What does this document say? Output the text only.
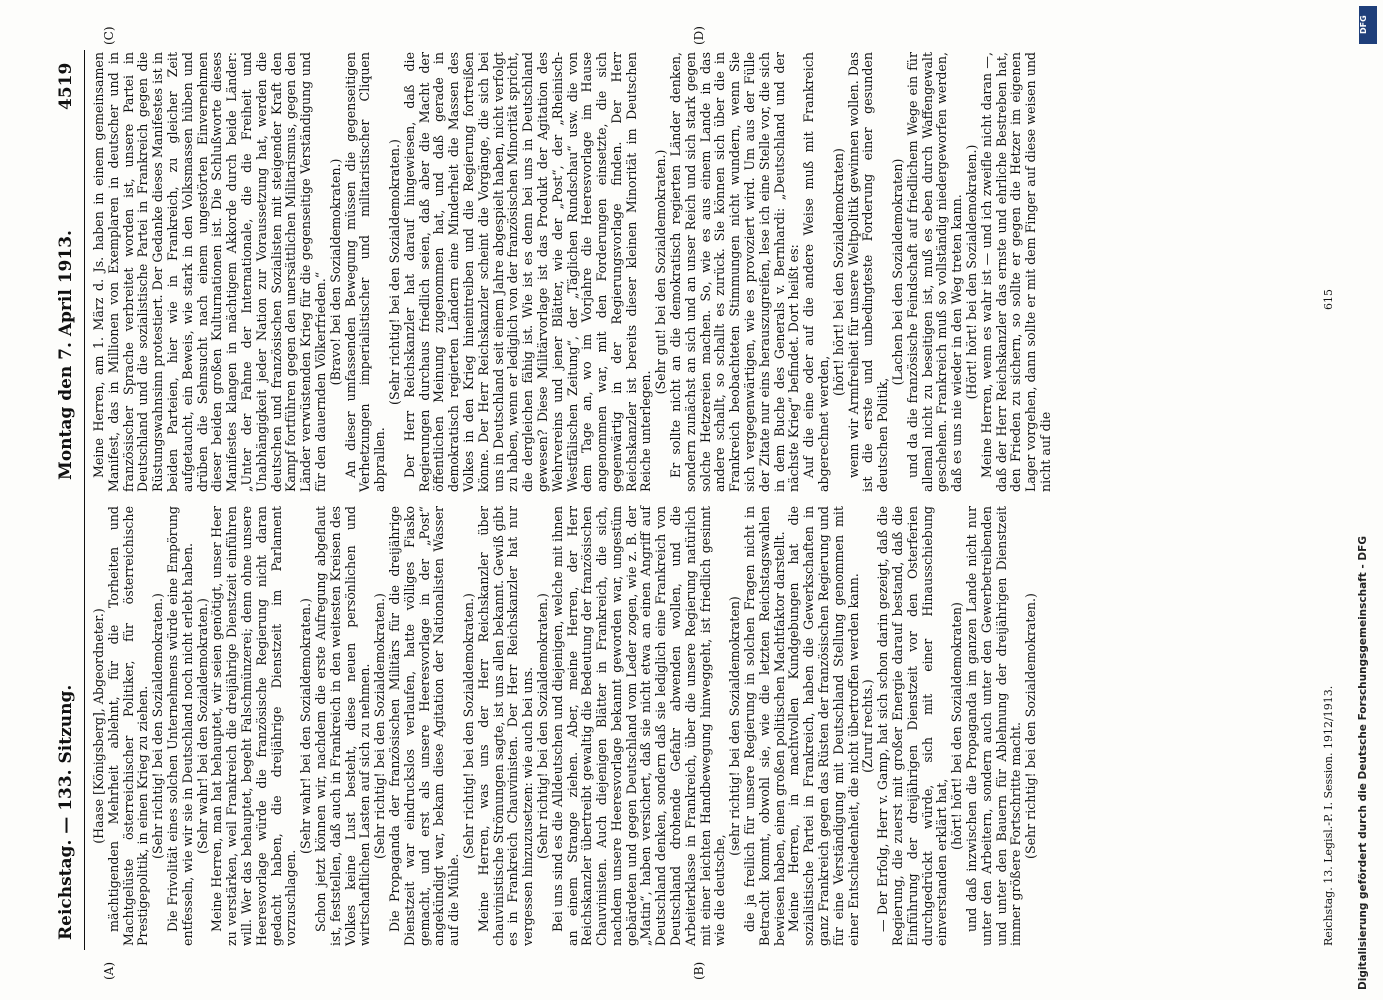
Reichstag. — 133. Sitzung.
Montag den 7. April 1913.
4519
(A)	(B)
(C)	(D)

(Haase [Königsberg], Abgeordneter.) mächtigenden Mehrheit ablehnt, für die Torheiten und Machtgelüste österreichischer Politiker, für österreichische Prestigepolitik, in einen Krieg zu ziehen. (Sehr richtig! bei den Sozialdemokraten.) Die Frivolität eines solchen Unternehmens würde eine Empörung entfesseln, wie wir sie in Deutschland noch nicht erlebt haben. (Sehr wahr! bei den Sozialdemokraten.) Meine Herren, man hat behauptet, wir seien genötigt, unser Heer zu verstärken, weil Frankreich die dreijährige Dienstzeit einführen will. Wer das behauptet, begeht Falschmünzerei; denn ohne unsere Heeresvorlage würde die französische Regierung nicht daran gedacht haben, die dreijährige Dienstzeit im Parlament vorzuschlagen.

(Sehr wahr! bei den Sozialdemokraten.) Schon jetzt können wir, nachdem die erste Aufregung abgeflaut ist, feststellen, daß auch in Frankreich in den weitesten Kreisen des Volkes keine Lust besteht, diese neuen persönlichen und wirtschaftlichen Lasten auf sich zu nehmen. (Sehr richtig! bei den Sozialdemokraten.) Die Propaganda der französischen Militärs für die dreijährige Dienstzeit war eindruckslos verlaufen, hatte völliges Fiasko gemacht, und erst als unsere Heeresvorlage in der „Post“ angekündigt war, bekam diese Agitation der Nationalisten Wasser auf die Mühle.

(Sehr richtig! bei den Sozialdemokraten.) Meine Herren, was uns der Herr Reichskanzler über chauvinistische Strömungen sagte, ist uns allen bekannt. Gewiß gibt es in Frankreich Chauvinisten. Der Herr Reichskanzler hat nur vergessen hinzuzusetzen: wie auch bei uns. (Sehr richtig! bei den Sozialdemokraten.) Bei uns sind es die Alldeutschen und diejenigen, welche mit ihnen an einem Strange ziehen. Aber, meine Herren, der Herr Reichskanzler übertreibt gewaltig die Bedeutung der französischen Chauvinisten. Auch diejenigen Blätter in Frankreich, die sich, nachdem unsere Heeresvorlage bekannt geworden war, ungestüm gebärdeten und gegen Deutschland vom Leder zogen, wie z. B. der „Matin“, haben versichert, daß sie nicht etwa an einen Angriff auf Deutschland denken, sondern daß sie lediglich eine Frankreich von Deutschland drohende Gefahr abwenden wollen, und die Arbeiterklasse in Frankreich, über die unsere Regierung natürlich mit einer leichten Handbewegung hinweggeht, ist friedlich gesinnt wie die deutsche,

(sehr richtig! bei den Sozialdemokraten) die ja freilich für unsere Regierung in solchen Fragen nicht in Betracht kommt, obwohl sie, wie die letzten Reichstagswahlen bewiesen haben, einen großen politischen Machtfaktor darstellt. Meine Herren, in machtvollen Kundgebungen hat die sozialistische Partei in Frankreich, haben die Gewerkschaften in ganz Frankreich gegen das Rüsten der französischen Regierung und für eine Verständigung mit Deutschland Stellung genommen mit einer Entschiedenheit, die nicht übertroffen werden kann. (Zuruf rechts.) — Der Erfolg, Herr v. Gamp, hat sich schon darin gezeigt, daß die Regierung, die zuerst mit großer Energie darauf bestand, daß die Einführung der dreijährigen Dienstzeit vor den Osterferien durchgedrückt würde, sich mit einer Hinausschiebung einverstanden erklärt hat,

(hört! hört! bei den Sozialdemokraten) und daß inzwischen die Propaganda im ganzen Lande nicht nur unter den Arbeitern, sondern auch unter den Gewerbetreibenden und unter den Bauern für Ablehnung der dreijährigen Dienstzeit immer größere Fortschritte macht. (Sehr richtig! bei den Sozialdemokraten.)

Meine Herren, am 1. März d. Js. haben in einem gemeinsamen Manifest, das in Millionen von Exemplaren in deutscher und in französischer Sprache verbreitet worden ist, unsere Partei in Deutschland und die sozialistische Partei in Frankreich gegen die Rüstungswahnsinn protestiert. Der Gedanke dieses Manifestes ist in beiden Parteien, hier wie in Frankreich, zu gleicher Zeit aufgetaucht, ein Beweis, wie stark in den Volksmassen hüben und drüben die Sehnsucht nach einem ungestörten Einvernehmen dieser beiden großen Kulturnationen ist. Die Schlußworte dieses Manifestes klangen in mächtigem Akkorde durch beide Länder: „Unter der Fahne der Internationale, die die Freiheit und Unabhängigkeit jeder Nation zur Voraussetzung hat, werden die deutschen und französischen Sozialisten mit steigender Kraft den Kampf fortführen gegen den unersättlichen Militarismus, gegen den Länder verwüstenden Krieg für die gegenseitige Verständigung und für den dauernden Völkerfrieden.“ (Bravo! bei den Sozialdemokraten.) An dieser umfassenden Bewegung müssen die gegenseitigen Verhetzungen imperialistischer und militaristischer Cliquen abprallen.

(Sehr richtig! bei den Sozialdemokraten.) Der Herr Reichskanzler hat darauf hingewiesen, daß die Regierungen durchaus friedlich seien, daß aber die Macht der öffentlichen Meinung zugenommen hat, und daß gerade in demokratisch regierten Ländern eine Minderheit die Massen des Volkes in den Krieg hineintreiben und die Regierung fortreißen könne. Der Herr Reichskanzler scheint die Vorgänge, die sich bei uns in Deutschland seit einem Jahre abgespielt haben, nicht verfolgt zu haben, wenn er lediglich von der französischen Minorität spricht, die dergleichen fähig ist. Wie ist es denn bei uns in Deutschland gewesen? Diese Militärvorlage ist das Produkt der Agitation des Wehrvereins und jener Blätter, wie der „Post“, der „Rheinisch-Westfälischen Zeitung“, der „Täglichen Rundschau“ usw. die von dem Tage an, wo im Vorjahre die Heeresvorlage im Hause angenommen war, mit den Forderungen einsetzte, die sich gegenwärtig in der Regierungsvorlage finden. Der Herr Reichskanzler ist bereits dieser kleinen Minorität im Deutschen Reiche unterlegen.

(Sehr gut! bei den Sozialdemokraten.) Er sollte nicht an die demokratisch regierten Länder denken, sondern zunächst an sich und an unser Reich und sich stark gegen solche Hetzereien machen. So, wie es aus einem Lande in das andere schallt, so schallt es zurück. Sie können sich über die in Frankreich beobachteten Stimmungen nicht wundern, wenn Sie sich vergegenwärtigen, wie es provoziert wird. Um aus der Fülle der Zitate nur eins herauszugreifen, lese ich eine Stelle vor, die sich in dem Buche des Generals v. Bernhardi: „Deutschland und der nächste Krieg“ befindet. Dort heißt es: Auf die eine oder auf die andere Weise muß mit Frankreich abgerechnet werden,

(hört! hört! bei den Sozialdemokraten) wenn wir Armfreiheit für unsere Weltpolitik gewinnen wollen. Das ist die erste und unbedingteste Forderung einer gesunden deutschen Politik,

(Lachen bei den Sozialdemokraten) und da die französische Feindschaft auf friedlichem Wege ein für allemal nicht zu beseitigen ist, muß es eben durch Waffengewalt geschehen. Frankreich muß so vollständig niedergeworfen werden, daß es uns nie wieder in den Weg treten kann. (Hört! hört! bei den Sozialdemokraten.) Meine Herren, wenn es wahr ist — und ich zweifle nicht daran —, daß der Herr Reichskanzler das ernste und ehrliche Bestreben hat, den Frieden zu sichern, so sollte er gegen die Hetzer im eigenen Lager vorgehen, dann sollte er mit dem Finger auf diese weisen und nicht auf die

Reichstag. 13. Legisl.-P. I. Session. 1912/1913.
615
DFG
Digitalisierung gefördert durch die Deutsche Forschungsgemeinschaft - DFG
